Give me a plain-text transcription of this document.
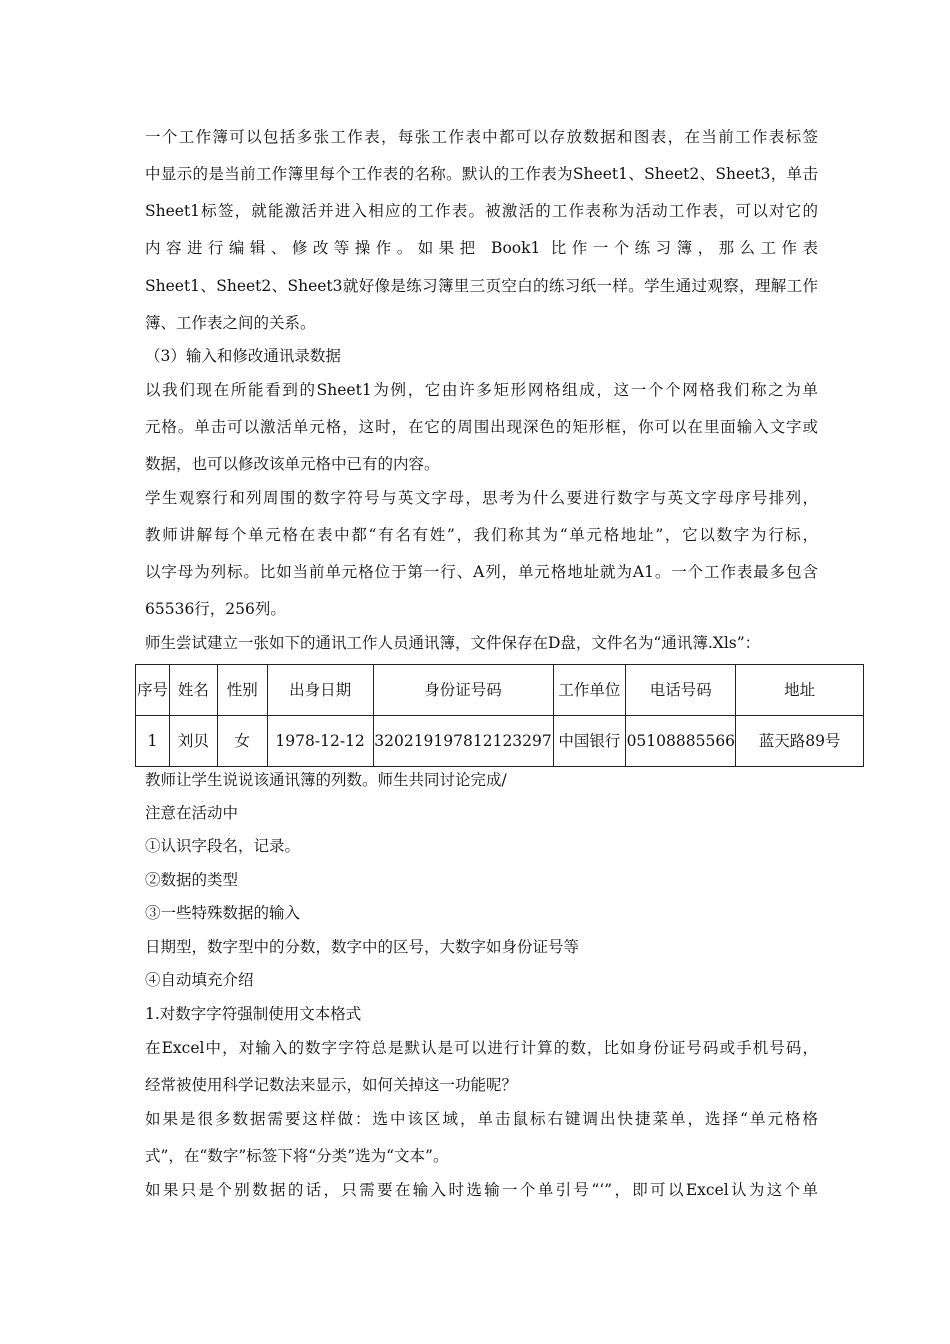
一个工作簿可以包括多张工作表，每张工作表中都可以存放数据和图表，在当前工作表标签
中显示的是当前工作簿里每个工作表的名称。默认的工作表为Sheet1、Sheet2、Sheet3，单击
Sheet1标签，就能激活并进入相应的工作表。被激活的工作表称为活动工作表，可以对它的
内容进行编辑、修改等操作。如果把 Book1 比作一个练习簿，那么工作表
Sheet1、Sheet2、Sheet3就好像是练习簿里三页空白的练习纸一样。学生通过观察，理解工作
簿、工作表之间的关系。
（3）输入和修改通讯录数据
以我们现在所能看到的Sheet1为例，它由许多矩形网格组成，这一个个网格我们称之为单
元格。单击可以激活单元格，这时，在它的周围出现深色的矩形框，你可以在里面输入文字或
数据，也可以修改该单元格中已有的内容。
学生观察行和列周围的数字符号与英文字母，思考为什么要进行数字与英文字母序号排列，
教师讲解每个单元格在表中都“有名有姓”，我们称其为“单元格地址”，它以数字为行标，
以字母为列标。比如当前单元格位于第一行、A列，单元格地址就为A1。一个工作表最多包含
65536行，256列。
师生尝试建立一张如下的通讯工作人员通讯簿，文件保存在D盘，文件名为“通讯簿.Xls”：
序号	姓名	性别	出身日期	身份证号码	工作单位	电话号码	地址
1	刘贝	女	1978-12-12	320219197812123297	中国银行	05108885566	蓝天路89号
教师让学生说说该通讯簿的列数。师生共同讨论完成/
注意在活动中
①认识字段名，记录。
②数据的类型
③一些特殊数据的输入
日期型，数字型中的分数，数字中的区号，大数字如身份证号等
④自动填充介绍
1.对数字字符强制使用文本格式
在Excel中，对输入的数字字符总是默认是可以进行计算的数，比如身份证号码或手机号码，
经常被使用科学记数法来显示，如何关掉这一功能呢？
如果是很多数据需要这样做：选中该区域，单击鼠标右键调出快捷菜单，选择“单元格格
式”，在“数字”标签下将“分类”选为“文本”。
如果只是个别数据的话，只需要在输入时选输一个单引号“‘”，即可以Excel认为这个单
